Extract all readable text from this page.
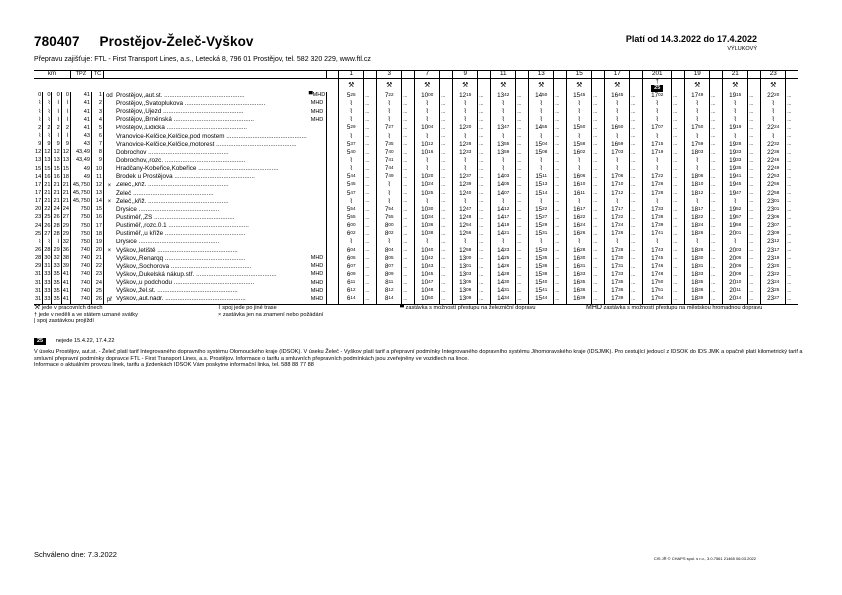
780407 Prostějov-Želeč-Vyškov	Platí od 14.3.2022 do 17.4.2022
VÝLUKOVÝ
Přepravu zajišťuje: FTL - First Transport Lines, a.s., Letecká 8, 796 01 Prostějov, tel. 582 320 229, www.ftl.cz
km				TPZ	TČ					1		3		7		9		11		13		15		17		201		19		21		23	
										⚒		⚒		⚒		⚒		⚒		⚒		⚒		⚒		†
25		⚒		⚒		⚒	
0	0	0	0	41	1	od	Prostějov,,aut.st. ..............................................	▀MHD		$5^{25}$	...	$7^{22}$	...	$10^{00}$	...	$12^{15}$	...	$13^{42}$	...	$14^{50}$	...	$15^{45}$	...	$16^{45}$	...	$17^{02}$	...	$17^{49}$	...	$19^{15}$	...	$22^{20}$	...
⌇	⌇	⌇	⌇	41	2		Prostějov,,Svatoplukova ..............................................	MHD		⌇	...	⌇	...	⌇	...	⌇	...	⌇	...	⌇	...	⌇	...	⌇	...	⌇	...	⌇	...	⌇	...	⌇	...
⌇	⌇	⌇	⌇	41	3		Prostějov,,Újezd ..............................................	MHD		⌇	...	⌇	...	⌇	...	⌇	...	⌇	...	⌇	...	⌇	...	⌇	...	⌇	...	⌇	...	⌇	...	⌇	...
⌇	⌇	⌇	⌇	41	4		Prostějov,,Brněnská ..............................................	MHD		⌇	...	⌇	...	⌇	...	⌇	...	⌇	...	⌇	...	⌇	...	⌇	...	⌇	...	⌇	...	⌇	...	⌇	...
2	2	2	2	41	5		Prostějov,,Lidická ..............................................			$5^{29}$	...	$7^{27}$	...	$10^{04}$	...	$12^{20}$	...	$13^{47}$	...	$14^{55}$	...	$15^{50}$	...	$16^{50}$	...	$17^{07}$	...	$17^{50}$	...	$19^{19}$	...	$22^{24}$	...
⌇	⌇	⌇	⌇	43	6		Vranovice-Kelčice,Kelčice,pod mostem ..............................................			⌇	...	⌇	...	⌇	...	⌇	...	⌇	...	⌇	...	⌇	...	⌇	...	⌇	...	⌇	...	⌇	...	⌇	...
9	9	9	9	43	7		Vranovice-Kelčice,Kelčice,motorest ..............................................			$5^{37}$	...	$7^{35}$	...	$10^{12}$	...	$12^{28}$	...	$13^{55}$	...	$15^{04}$	...	$15^{58}$	...	$16^{59}$	...	$17^{15}$	...	$17^{59}$	...	$19^{28}$	...	$22^{32}$	...
12	12	12	12	43,49	8		Dobrochov ..............................................			$5^{40}$	...	$7^{40}$	...	$10^{16}$	...	$12^{33}$	...	$13^{59}$	...	$15^{08}$	...	$16^{02}$	...	$17^{03}$	...	$17^{19}$	...	$18^{03}$	...	$19^{33}$	...	$22^{36}$	...
13	13	13	13	43,49	9		Dobrochov,,rozc. ..............................................			⌇	...	$7^{41}$	...	⌇	...	⌇	...	⌇	...	⌇	...	⌇	...	⌇	...	⌇	...	⌇	...	$19^{33}$	...	$22^{46}$	...
15	15	15	15	49	10		Hradčany-Kobeřice,Kobeřice ..............................................			⌇	...	$7^{44}$	...	⌇	...	⌇	...	⌇	...	⌇	...	⌇	...	⌇	...	⌇	...	⌇	...	$19^{35}$	...	$22^{49}$	...
14	16	16	18	49	11		Brodek u Prostějova ..............................................			$5^{44}$	...	$7^{49}$	...	$10^{20}$	...	$12^{37}$	...	$14^{03}$	...	$15^{11}$	...	$16^{06}$	...	$17^{06}$	...	$17^{22}$	...	$18^{06}$	...	$19^{41}$	...	$22^{53}$	...
17	21	21	21	45,750	12	×	Želeč,,křiž. ..............................................			$5^{45}$	...	⌇	...	$10^{24}$	...	$12^{39}$	...	$14^{05}$	...	$15^{13}$	...	$16^{10}$	...	$17^{10}$	...	$17^{26}$	...	$18^{10}$	...	$19^{45}$	...	$22^{56}$	...
17	21	21	21	45,750	13		Želeč ..............................................			$5^{47}$	...	⌇	...	$10^{25}$	...	$12^{40}$	...	$14^{07}$	...	$15^{14}$	...	$16^{11}$	...	$17^{12}$	...	$17^{28}$	...	$18^{12}$	...	$19^{47}$	...	$22^{58}$	...
17	21	21	21	45,750	14	×	Želeč,,křiž. ..............................................			⌇	...	⌇	...	⌇	...	⌇	...	⌇	...	⌇	...	⌇	...	⌇	...	⌇	...	⌇	...	⌇	...	$23^{01}$	...
20	22	24	24	750	15		Drysice ..............................................			$5^{54}$	...	$7^{54}$	...	$10^{30}$	...	$12^{47}$	...	$14^{12}$	...	$15^{22}$	...	$16^{17}$	...	$17^{17}$	...	$17^{33}$	...	$18^{17}$	...	$19^{52}$	...	$23^{01}$	...
23	25	26	27	750	16		Pustiměř,,ZŠ ..............................................			$5^{55}$	...	$7^{55}$	...	$10^{34}$	...	$12^{48}$	...	$14^{17}$	...	$15^{27}$	...	$16^{22}$	...	$17^{22}$	...	$17^{38}$	...	$18^{22}$	...	$19^{57}$	...	$23^{06}$	...
24	26	28	29	750	17		Pustiměř,,rozc.0.1 ..............................................			$6^{00}$	...	$8^{00}$	...	$10^{36}$	...	$12^{54}$	...	$14^{19}$	...	$15^{29}$	...	$16^{24}$	...	$17^{24}$	...	$17^{39}$	...	$18^{24}$	...	$19^{58}$	...	$23^{07}$	...
25	27	28	29	750	18		Pustiměř,,u kříže ..............................................			$6^{02}$	...	$8^{02}$	...	$10^{38}$	...	$12^{56}$	...	$14^{21}$	...	$15^{31}$	...	$16^{26}$	...	$17^{26}$	...	$17^{41}$	...	$18^{26}$	...	$20^{01}$	...	$23^{09}$	...
⌇	⌇	⌇	32	750	19		Drysice ..............................................			⌇	...	⌇	...	⌇	...	⌇	...	⌇	...	⌇	...	⌇	...	⌇	...	⌇	...	⌇	...	⌇	...	$23^{12}$	...
26	28	29	36	740	20	×	Vyškov,,letiště ..............................................			$6^{04}$	...	$8^{04}$	...	$10^{40}$	...	$12^{58}$	...	$14^{23}$	...	$15^{33}$	...	$16^{28}$	...	$17^{28}$	...	$17^{43}$	...	$18^{28}$	...	$20^{03}$	...	$23^{17}$	...
28	30	32	38	740	21		Vyškov,,Renarqq ..............................................	MHD		$6^{05}$	...	$8^{05}$	...	$10^{42}$	...	$13^{00}$	...	$14^{25}$	...	$15^{35}$	...	$16^{30}$	...	$17^{30}$	...	$17^{45}$	...	$18^{30}$	...	$20^{05}$	...	$23^{19}$	...
29	31	33	39	740	22		Vyškov,,Sochorova ..............................................	MHD		$6^{07}$	...	$8^{07}$	...	$10^{43}$	...	$13^{01}$	...	$14^{26}$	...	$15^{36}$	...	$16^{31}$	...	$17^{31}$	...	$17^{46}$	...	$18^{31}$	...	$20^{06}$	...	$23^{20}$	...
31	33	35	41	740	23		Vyškov,,Dukelská nákup.stř. ..............................................	MHD		$6^{09}$	...	$8^{09}$	...	$10^{45}$	...	$13^{03}$	...	$14^{28}$	...	$15^{38}$	...	$16^{33}$	...	$17^{33}$	...	$17^{48}$	...	$18^{33}$	...	$20^{08}$	...	$23^{22}$	...
31	33	35	41	740	24		Vyškov,,u podchodu ..............................................	MHD		$6^{11}$	...	$8^{11}$	...	$10^{47}$	...	$13^{05}$	...	$14^{30}$	...	$15^{40}$	...	$16^{35}$	...	$17^{35}$	...	$17^{50}$	...	$18^{35}$	...	$20^{10}$	...	$23^{24}$	...
31	33	35	41	740	25		Vyškov,,žel.st. ..............................................	MHD		$6^{12}$	...	$8^{12}$	...	$10^{48}$	...	$13^{06}$	...	$14^{31}$	...	$15^{41}$	...	$16^{36}$	...	$17^{36}$	...	$17^{51}$	...	$18^{36}$	...	$20^{11}$	...	$23^{25}$	...
31	33	35	41	740	26	př	Vyškov,,aut.nádr. ..............................................	MHD		$6^{14}$	...	$8^{14}$	...	$10^{50}$	...	$13^{09}$	...	$14^{34}$	...	$15^{44}$	...	$16^{39}$	...	$17^{39}$	...	$17^{54}$	...	$18^{39}$	...	$20^{14}$	...	$23^{27}$	...
⚒ jede v pracovních dnech
† jede v neděli a ve státem uznané svátky
| spoj zastávkou projíždí
⌇ spoj jede po jiné trase
× zastávka jen na znamení nebo požádání
▀ zastávka s možností přestupu na železniční dopravu	MHD zastávka s možností přestupu na městskou hromadnou dopravu
25 nejede 15.4.22, 17.4.22
V úseku Prostějov, aut.st. - Želeč platí tarif Integrovaného dopravního systému Olomouckého kraje (IDSOK). V úseku Želeč - Vyškov platí tarif a přepravní podmínky Integrovaného dopravního systému Jihomoravského kraje (IDSJMK). Pro cestující jedoucí z IDSOK do IDS JMK a opačně platí kilometrický tarif a smluvní přepravní podmínky dopravce FTL - First Transport Lines, a.s. Prostějov. Informace o tarifu a smluvních přepravních podmínkách jsou zveřejněny ve vozidlech na lince.
Informace o aktuálním provozu linek, tarifu a jízdenkách IDSOK Vám poskytne informační linka, tel. 588 88 77 88
Schváleno dne: 7.3.2022	CIS JŘ © CHAPS spol. s r.o., 3.0.7561 21465 06.03.2022
